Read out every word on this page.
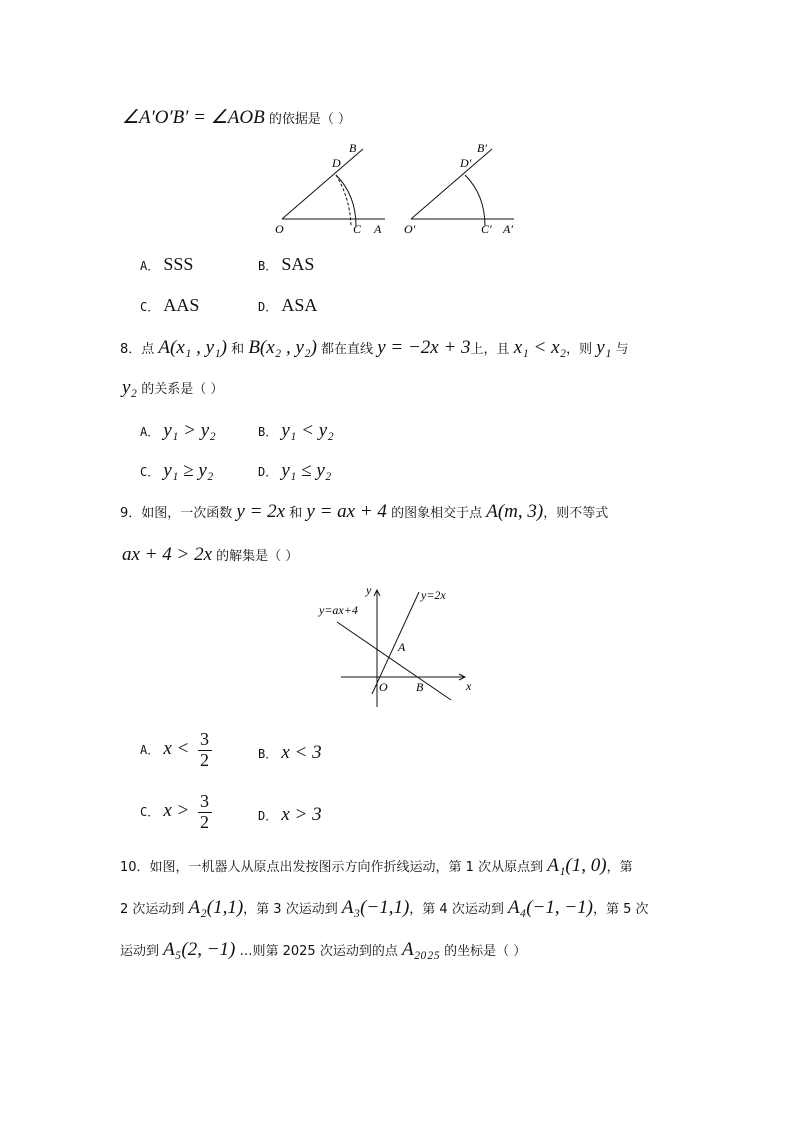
∠A′O′B′ = ∠AOB 的依据是（ ）
O	C A
D
B
O′	C′ A′
D′
B′
A． SSS	B． SAS
C． AAS	D． ASA
8．点 A(x₁ , y₁) 和 B(x₂ , y₂) 都在直线 y = −2x + 3上，且 x₁ < x₂，则 y₁ 与
y₂ 的关系是（ ）
A． y₁ > y₂	B． y₁ < y₂
C． y₁ ≥ y₂	D． y₁ ≤ y₂
9．如图，一次函数 y = 2x 和 y = ax + 4 的图象相交于点 A(m, 3)，则不等式
ax + 4 > 2x 的解集是（ ）
y
x
O
A
B
y=2x
y=ax+4
A． $x < \frac{3}{2}$	B． x < 3
C． $x > \frac{3}{2}$	D． x > 3
10．如图，一机器人从原点出发按图示方向作折线运动，第 1 次从原点到 A₁(1, 0)，第
2 次运动到 A₂(1,1)，第 3 次运动到 A₃(−1,1)，第 4 次运动到 A₄(−1, −1)，第 5 次
运动到 A₅(2, −1) …则第 2025 次运动到的点 A₂₀₂₅ 的坐标是（ ）
